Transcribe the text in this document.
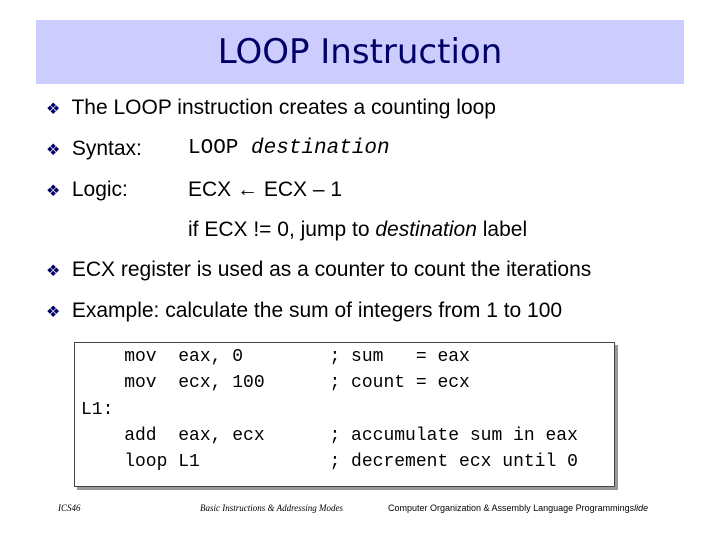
LOOP Instruction
❖ The LOOP instruction creates a counting loop
❖ Syntax: LOOP destination
❖ Logic:	ECX ← ECX – 1
if ECX != 0, jump to destination label
❖ ECX register is used as a counter to count the iterations
❖ Example: calculate the sum of integers from 1 to 100
mov  eax, 0        ; sum   = eax
mov  ecx, 100      ; count = ecx
L1:
add  eax, ecx      ; accumulate sum in eax
loop L1            ; decrement ecx until 0
ICS46	Basic Instructions & Addressing Modes	Computer Organization & Assembly Language Programmingslide
